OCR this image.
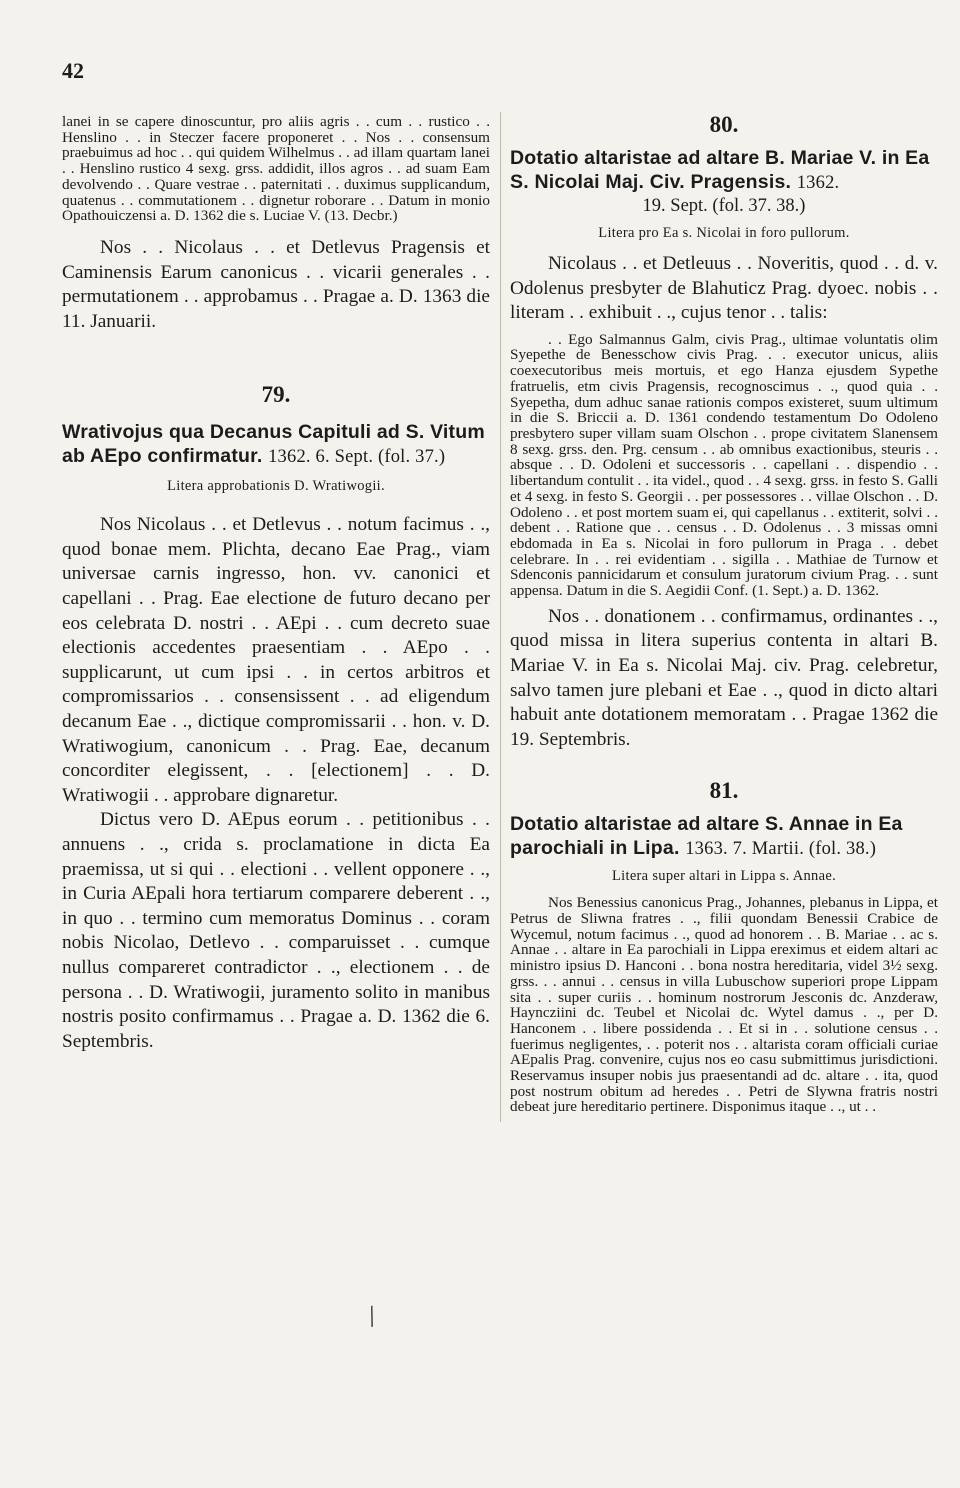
42

lanei in se capere dinoscuntur, pro aliis agris . . cum . . rustico . . Henslino . . in Steczer facere proponeret . . Nos . . consensum praebuimus ad hoc . . qui quidem Wilhelmus . . ad illam quartam lanei . . Henslino rustico 4 sexg. grss. addidit, illos agros . . ad suam Eam devolvendo . . Quare vestrae . . paternitati . . duximus supplicandum, quatenus . . commutationem . . dignetur roborare . . Datum in monio Opathouiczensi a. D. 1362 die s. Luciae V. (13. Decbr.)

Nos . . Nicolaus . . et Detlevus Pragensis et Caminensis Earum canonicus . . vicarii generales . . permutationem . . approbamus . . Pragae a. D. 1363 die 11. Januarii.

79.

Wrativojus qua Decanus Capituli ad S. Vitum ab AEpo confirmatur. 1362. 6. Sept. (fol. 37.)

Litera approbationis D. Wratiwogii.

Nos Nicolaus . . et Detlevus . . notum facimus . ., quod bonae mem. Plichta, decano Eae Prag., viam universae carnis ingresso, hon. vv. canonici et capellani . . Prag. Eae electione de futuro decano per eos celebrata D. nostri . . AEpi . . cum decreto suae electionis accedentes praesentiam . . AEpo . . supplicarunt, ut cum ipsi . . in certos arbitros et compromissarios . . consensissent . . ad eligendum decanum Eae . ., dictique compromissarii . . hon. v. D. Wratiwogium, canonicum . . Prag. Eae, decanum concorditer elegissent, . . [electionem] . . D. Wratiwogii . . approbare dignaretur.

Dictus vero D. AEpus eorum . . petitionibus . . annuens . ., crida s. proclamatione in dicta Ea praemissa, ut si qui . . electioni . . vellent opponere . ., in Curia AEpali hora tertiarum comparere deberent . ., in quo . . termino cum memoratus Dominus . . coram nobis Nicolao, Detlevo . . comparuisset . . cumque nullus compareret contradictor . ., electionem . . de persona . . D. Wratiwogii, juramento solito in manibus nostris posito confirmamus . . Pragae a. D. 1362 die 6. Septembris.

80.

Dotatio altaristae ad altare B. Mariae V. in Ea S. Nicolai Maj. Civ. Pragensis. 1362.

19. Sept. (fol. 37. 38.)

Litera pro Ea s. Nicolai in foro pullorum.

Nicolaus . . et Detleuus . . Noveritis, quod . . d. v. Odolenus presbyter de Blahuticz Prag. dyoec. nobis . . literam . . exhibuit . ., cujus tenor . . talis:

. . Ego Salmannus Galm, civis Prag., ultimae voluntatis olim Syepethe de Benesschow civis Prag. . . executor unicus, aliis coexecutoribus meis mortuis, et ego Hanza ejusdem Sypethe fratruelis, etm civis Pragensis, recognoscimus . ., quod quia . . Syepetha, dum adhuc sanae rationis compos existeret, suum ultimum in die S. Briccii a. D. 1361 condendo testamentum Do Odoleno presbytero super villam suam Olschon . . prope civitatem Slanensem 8 sexg. grss. den. Prg. censum . . ab omnibus exactionibus, steuris . . absque . . D. Odoleni et successoris . . capellani . . dispendio . . libertandum contulit . . ita videl., quod . . 4 sexg. grss. in festo S. Galli et 4 sexg. in festo S. Georgii . . per possessores . . villae Olschon . . D. Odoleno . . et post mortem suam ei, qui capellanus . . extiterit, solvi . . debent . . Ratione que . . census . . D. Odolenus . . 3 missas omni ebdomada in Ea s. Nicolai in foro pullorum in Praga . . debet celebrare. In . . rei evidentiam . . sigilla . . Mathiae de Turnow et Sdenconis pannicidarum et consulum juratorum civium Prag. . . sunt appensa. Datum in die S. Aegidii Conf. (1. Sept.) a. D. 1362.

Nos . . donationem . . confirmamus, ordinantes . ., quod missa in litera superius contenta in altari B. Mariae V. in Ea s. Nicolai Maj. civ. Prag. celebretur, salvo tamen jure plebani et Eae . ., quod in dicto altari habuit ante dotationem memoratam . . Pragae 1362 die 19. Septembris.

81.

Dotatio altaristae ad altare S. Annae in Ea parochiali in Lipa. 1363. 7. Martii. (fol. 38.)

Litera super altari in Lippa s. Annae.

Nos Benessius canonicus Prag., Johannes, plebanus in Lippa, et Petrus de Sliwna fratres . ., filii quondam Benessii Crabice de Wycemul, notum facimus . ., quod ad honorem . . B. Mariae . . ac s. Annae . . altare in Ea parochiali in Lippa ereximus et eidem altari ac ministro ipsius D. Hanconi . . bona nostra hereditaria, videl 3½ sexg. grss. . . annui . . census in villa Lubuschow superiori prope Lippam sita . . super curiis . . hominum nostrorum Jesconis dc. Anzderaw, Hayncziini dc. Teubel et Nicolai dc. Wytel damus . ., per D. Hanconem . . libere possidenda . . Et si in . . solutione census . . fuerimus negligentes, . . poterit nos . . altarista coram officiali curiae AEpalis Prag. convenire, cujus nos eo casu submittimus jurisdictioni. Reservamus insuper nobis jus praesentandi ad dc. altare . . ita, quod post nostrum obitum ad heredes . . Petri de Slywna fratris nostri debeat jure hereditario pertinere. Disponimus itaque . ., ut . .

/
